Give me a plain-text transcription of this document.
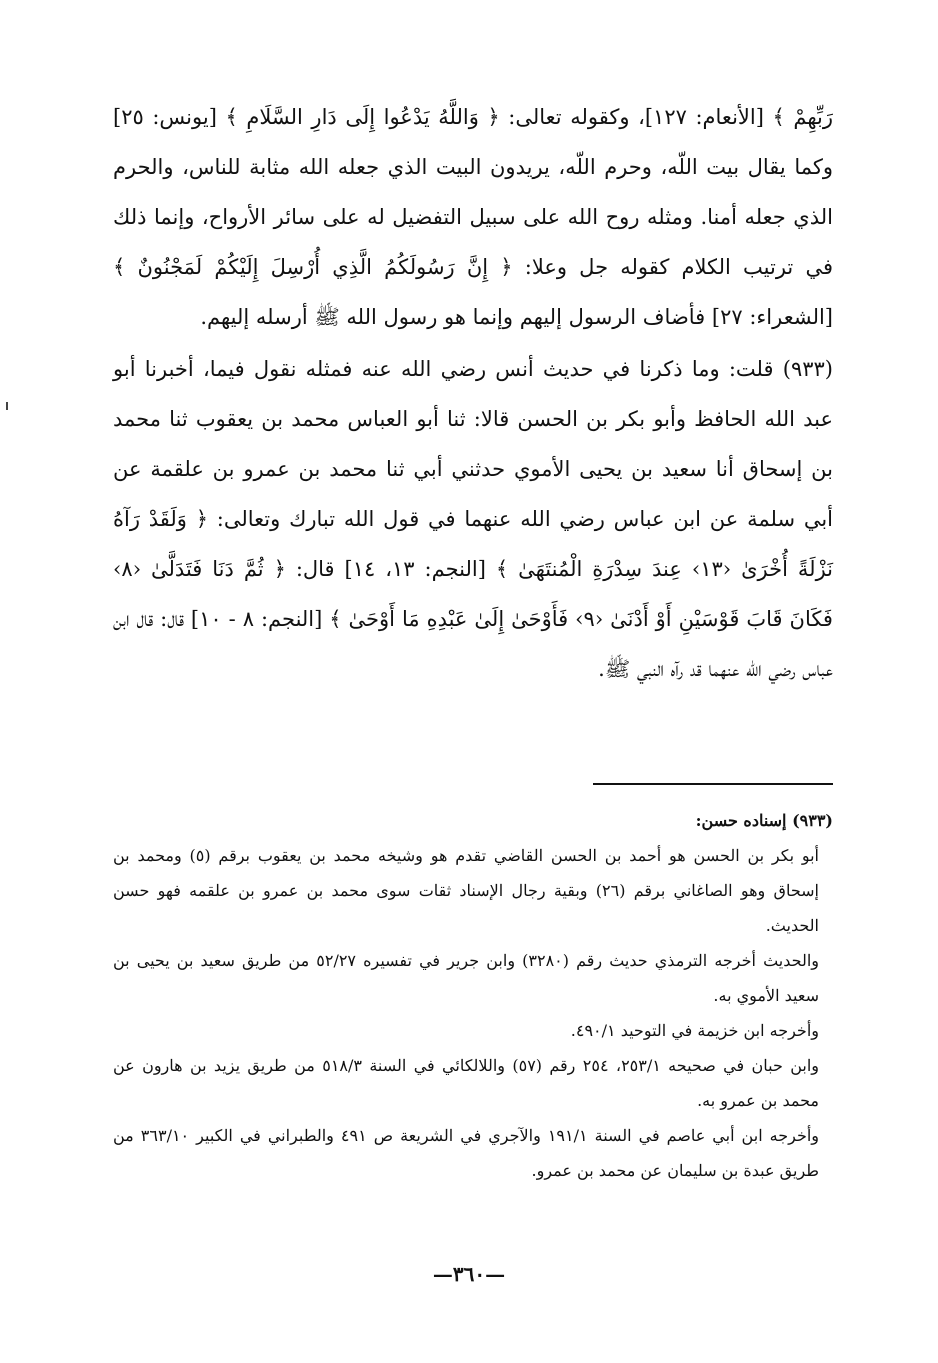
رَبِّهِمْ ﴾ [الأنعام: ١٢٧]، وكقوله تعالى: ﴿ وَاللَّهُ يَدْعُوا إِلَى دَارِ السَّلَامِ ﴾ [يونس: ٢٥] وكما يقال بيت اللّه، وحرم اللّه، يريدون البيت الذي جعله الله مثابة للناس، والحرم الذي جعله أمنا. ومثله روح الله على سبيل التفضيل له على سائر الأرواح، وإنما ذلك في ترتيب الكلام كقوله جل وعلا: ﴿ إِنَّ رَسُولَكُمُ الَّذِي أُرْسِلَ إِلَيْكُمْ لَمَجْنُونٌ ﴾ [الشعراء: ٢٧] فأضاف الرسول إليهم وإنما هو رسول الله ﷺ أرسله إليهم.

(٩٣٣) قلت: وما ذكرنا في حديث أنس رضي الله عنه فمثله نقول فيما، أخبرنا أبو عبد الله الحافظ وأبو بكر بن الحسن قالا: ثنا أبو العباس محمد بن يعقوب ثنا محمد بن إسحاق أنا سعيد بن يحيى الأموي حدثني أبي ثنا محمد بن عمرو بن علقمة عن أبي سلمة عن ابن عباس رضي الله عنهما في قول الله تبارك وتعالى: ﴿ وَلَقَدْ رَآهُ نَزْلَةً أُخْرَىٰ ‹١٣› عِندَ سِدْرَةِ الْمُنتَهَىٰ ﴾ [النجم: ١٣، ١٤] قال: ﴿ ثُمَّ دَنَا فَتَدَلَّىٰ ‹٨› فَكَانَ قَابَ قَوْسَيْنِ أَوْ أَدْنَىٰ ‹٩› فَأَوْحَىٰ إِلَىٰ عَبْدِهِ مَا أَوْحَىٰ ﴾ [النجم: ٨ - ١٠] قال: قال ابن عباس رضي الله عنهما قد رآه النبي ﷺ.

(٩٣٣) إسناده حسن:

أبو بكر بن الحسن هو أحمد بن الحسن القاضي تقدم هو وشيخه محمد بن يعقوب برقم (٥) ومحمد بن إسحاق وهو الصاغاني برقم (٢٦) وبقية رجال الإسناد ثقات سوى محمد بن عمرو بن علقمه فهو حسن الحديث.

والحديث أخرجه الترمذي حديث رقم (٣٢٨٠) وابن جرير في تفسيره ٥٢/٢٧ من طريق سعيد بن يحيى بن سعيد الأموي به.

وأخرجه ابن خزيمة في التوحيد ٤٩٠/١.

وابن حبان في صحيحه ٢٥٣/١، ٢٥٤ رقم (٥٧) واللالكائي في السنة ٥١٨/٣ من طريق يزيد بن هارون عن محمد بن عمرو به.

وأخرجه ابن أبي عاصم في السنة ١٩١/١ والآجري في الشريعة ص ٤٩١ والطبراني في الكبير ٣٦٣/١٠ من طريق عبدة بن سليمان عن محمد بن عمرو.

—٣٦٠—
